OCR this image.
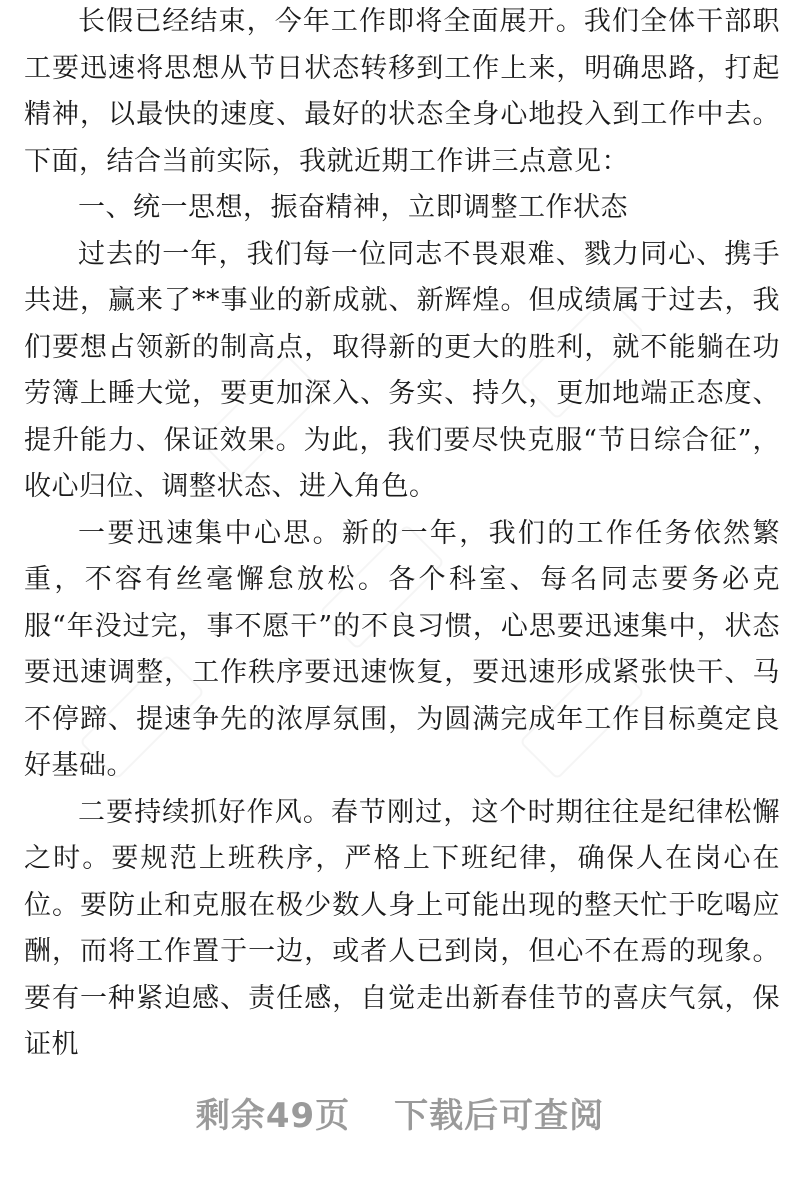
长假已经结束，今年工作即将全面展开。我们全体干部职工要迅速将思想从节日状态转移到工作上来，明确思路，打起精神，以最快的速度、最好的状态全身心地投入到工作中去。下面，结合当前实际，我就近期工作讲三点意见：

一、统一思想，振奋精神，立即调整工作状态

过去的一年，我们每一位同志不畏艰难、戮力同心、携手共进，赢来了**事业的新成就、新辉煌。但成绩属于过去，我们要想占领新的制高点，取得新的更大的胜利，就不能躺在功劳簿上睡大觉，要更加深入、务实、持久，更加地端正态度、提升能力、保证效果。为此，我们要尽快克服“节日综合征”，收心归位、调整状态、进入角色。

一要迅速集中心思。新的一年，我们的工作任务依然繁重，不容有丝毫懈怠放松。各个科室、每名同志要务必克服“年没过完，事不愿干”的不良习惯，心思要迅速集中，状态要迅速调整，工作秩序要迅速恢复，要迅速形成紧张快干、马不停蹄、提速争先的浓厚氛围，为圆满完成年工作目标奠定良好基础。

二要持续抓好作风。春节刚过，这个时期往往是纪律松懈之时。要规范上班秩序，严格上下班纪律，确保人在岗心在位。要防止和克服在极少数人身上可能出现的整天忙于吃喝应酬，而将工作置于一边，或者人已到岗，但心不在焉的现象。要有一种紧迫感、责任感，自觉走出新春佳节的喜庆气氛，保证机

剩余49页 下载后可查阅
